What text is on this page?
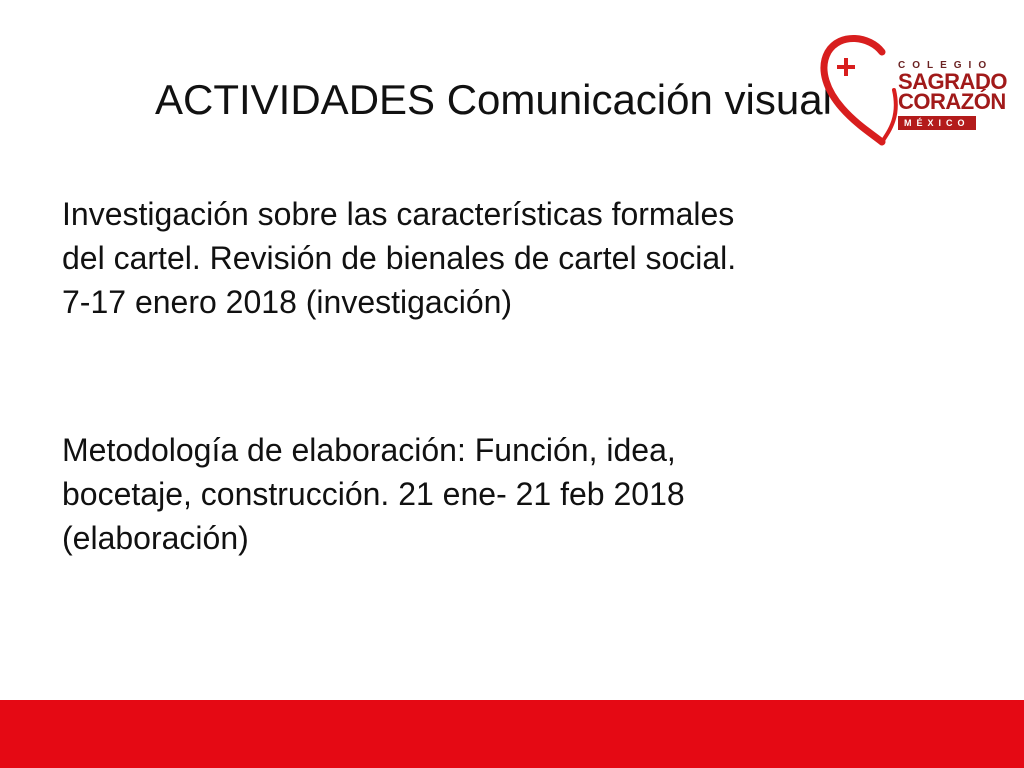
ACTIVIDADES Comunicación visual
COLEGIO
SAGRADO
CORAZÓN
MÉXICO

Investigación sobre las características formales

del cartel. Revisión de bienales de cartel social.

7-17 enero 2018 (investigación)

Metodología de elaboración: Función, idea,

bocetaje, construcción. 21 ene- 21 feb 2018

(elaboración)
